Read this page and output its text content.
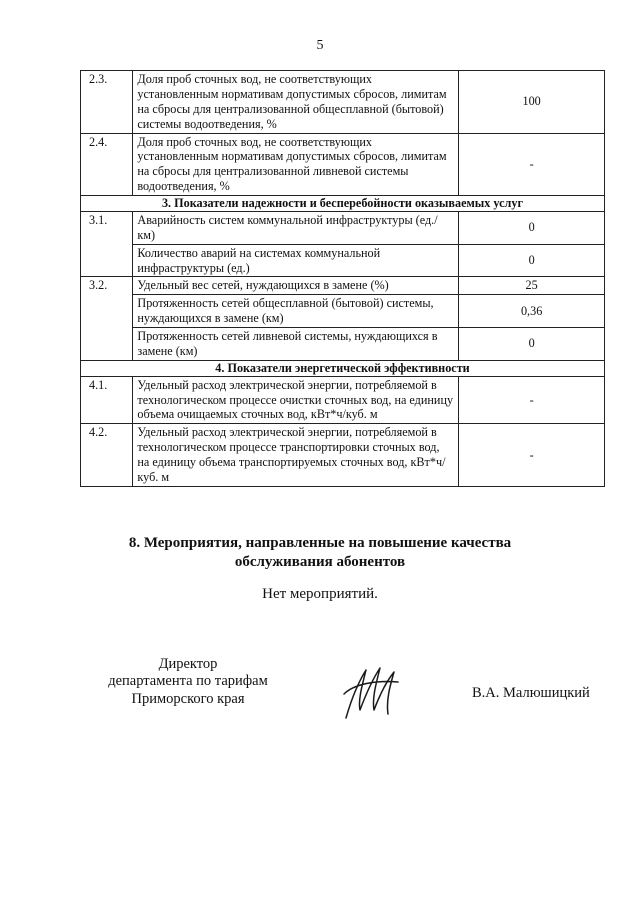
5
2.3.	Доля проб сточных вод, не соответствующих установленным нормативам допустимых сбросов, лимитам на сбросы для централизованной общесплавной (бытовой) системы водоотведения, %	100
2.4.	Доля проб сточных вод, не соответствующих установленным нормативам допустимых сбросов, лимитам на сбросы для централизованной ливневой системы водоотведения, %	-
3. Показатели надежности и бесперебойности оказываемых услуг		
3.1.	Аварийность систем коммунальной инфраструктуры (ед./км)	0
	Количество аварий на системах коммунальной инфраструктуры (ед.)	0
3.2.	Удельный вес сетей, нуждающихся в замене (%)	25
	Протяженность сетей общесплавной (бытовой) системы, нуждающихся в замене (км)	0,36
	Протяженность сетей ливневой системы, нуждающихся в замене (км)	0
4. Показатели энергетической эффективности		
4.1.	Удельный расход электрической энергии, потребляемой в технологическом процессе очистки сточных вод, на единицу объема очищаемых сточных вод, кВт*ч/куб. м	-
4.2.	Удельный расход электрической энергии, потребляемой в технологическом процессе транспортировки сточных вод, на единицу объема транспортируемых сточных вод, кВт*ч/куб. м	-
8. Мероприятия, направленные на повышение качества
обслуживания абонентов
Нет мероприятий.
Директор
департамента по тарифам
Приморского края	В.А. Малюшицкий
